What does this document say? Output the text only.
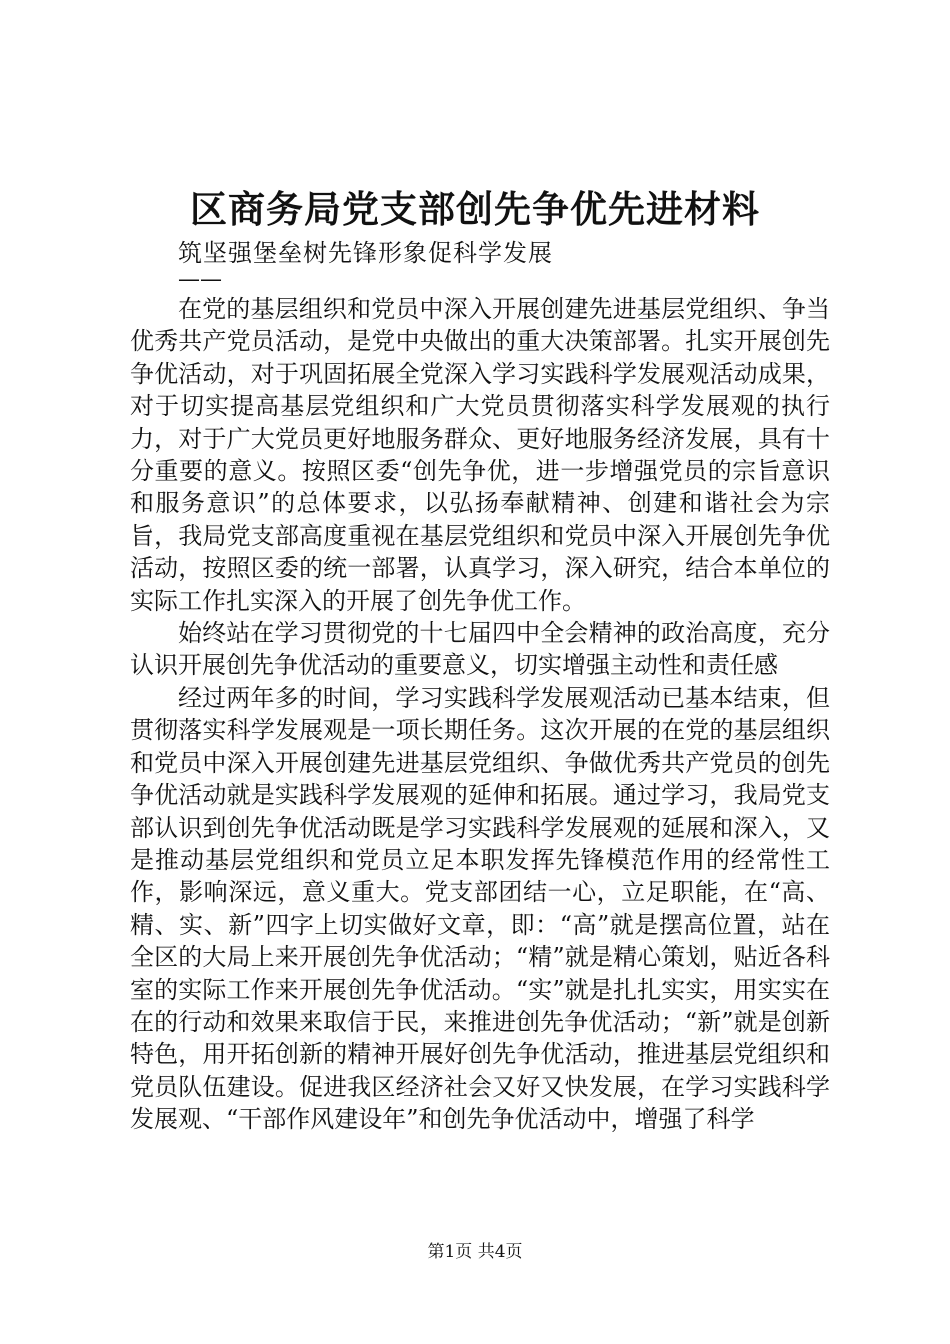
区商务局党支部创先争优先进材料
筑坚强堡垒树先锋形象促科学发展
——

在党的基层组织和党员中深入开展创建先进基层党组织、争当优秀共产党员活动，是党中央做出的重大决策部署。扎实开展创先争优活动，对于巩固拓展全党深入学习实践科学发展观活动成果，对于切实提高基层党组织和广大党员贯彻落实科学发展观的执行力，对于广大党员更好地服务群众、更好地服务经济发展，具有十分重要的意义。按照区委“创先争优，进一步增强党员的宗旨意识和服务意识”的总体要求，以弘扬奉献精神、创建和谐社会为宗旨，我局党支部高度重视在基层党组织和党员中深入开展创先争优活动，按照区委的统一部署，认真学习，深入研究，结合本单位的实际工作扎实深入的开展了创先争优工作。

始终站在学习贯彻党的十七届四中全会精神的政治高度，充分认识开展创先争优活动的重要意义，切实增强主动性和责任感

经过两年多的时间，学习实践科学发展观活动已基本结束，但贯彻落实科学发展观是一项长期任务。这次开展的在党的基层组织和党员中深入开展创建先进基层党组织、争做优秀共产党员的创先争优活动就是实践科学发展观的延伸和拓展。通过学习，我局党支部认识到创先争优活动既是学习实践科学发展观的延展和深入，又是推动基层党组织和党员立足本职发挥先锋模范作用的经常性工作，影响深远，意义重大。党支部团结一心，立足职能，在“高、精、实、新”四字上切实做好文章，即：“高”就是摆高位置，站在全区的大局上来开展创先争优活动；“精”就是精心策划，贴近各科室的实际工作来开展创先争优活动。“实”就是扎扎实实，用实实在在的行动和效果来取信于民，来推进创先争优活动；“新”就是创新特色，用开拓创新的精神开展好创先争优活动，推进基层党组织和党员队伍建设。促进我区经济社会又好又快发展，在学习实践科学发展观、“干部作风建设年”和创先争优活动中，增强了科学

第1页 共4页
